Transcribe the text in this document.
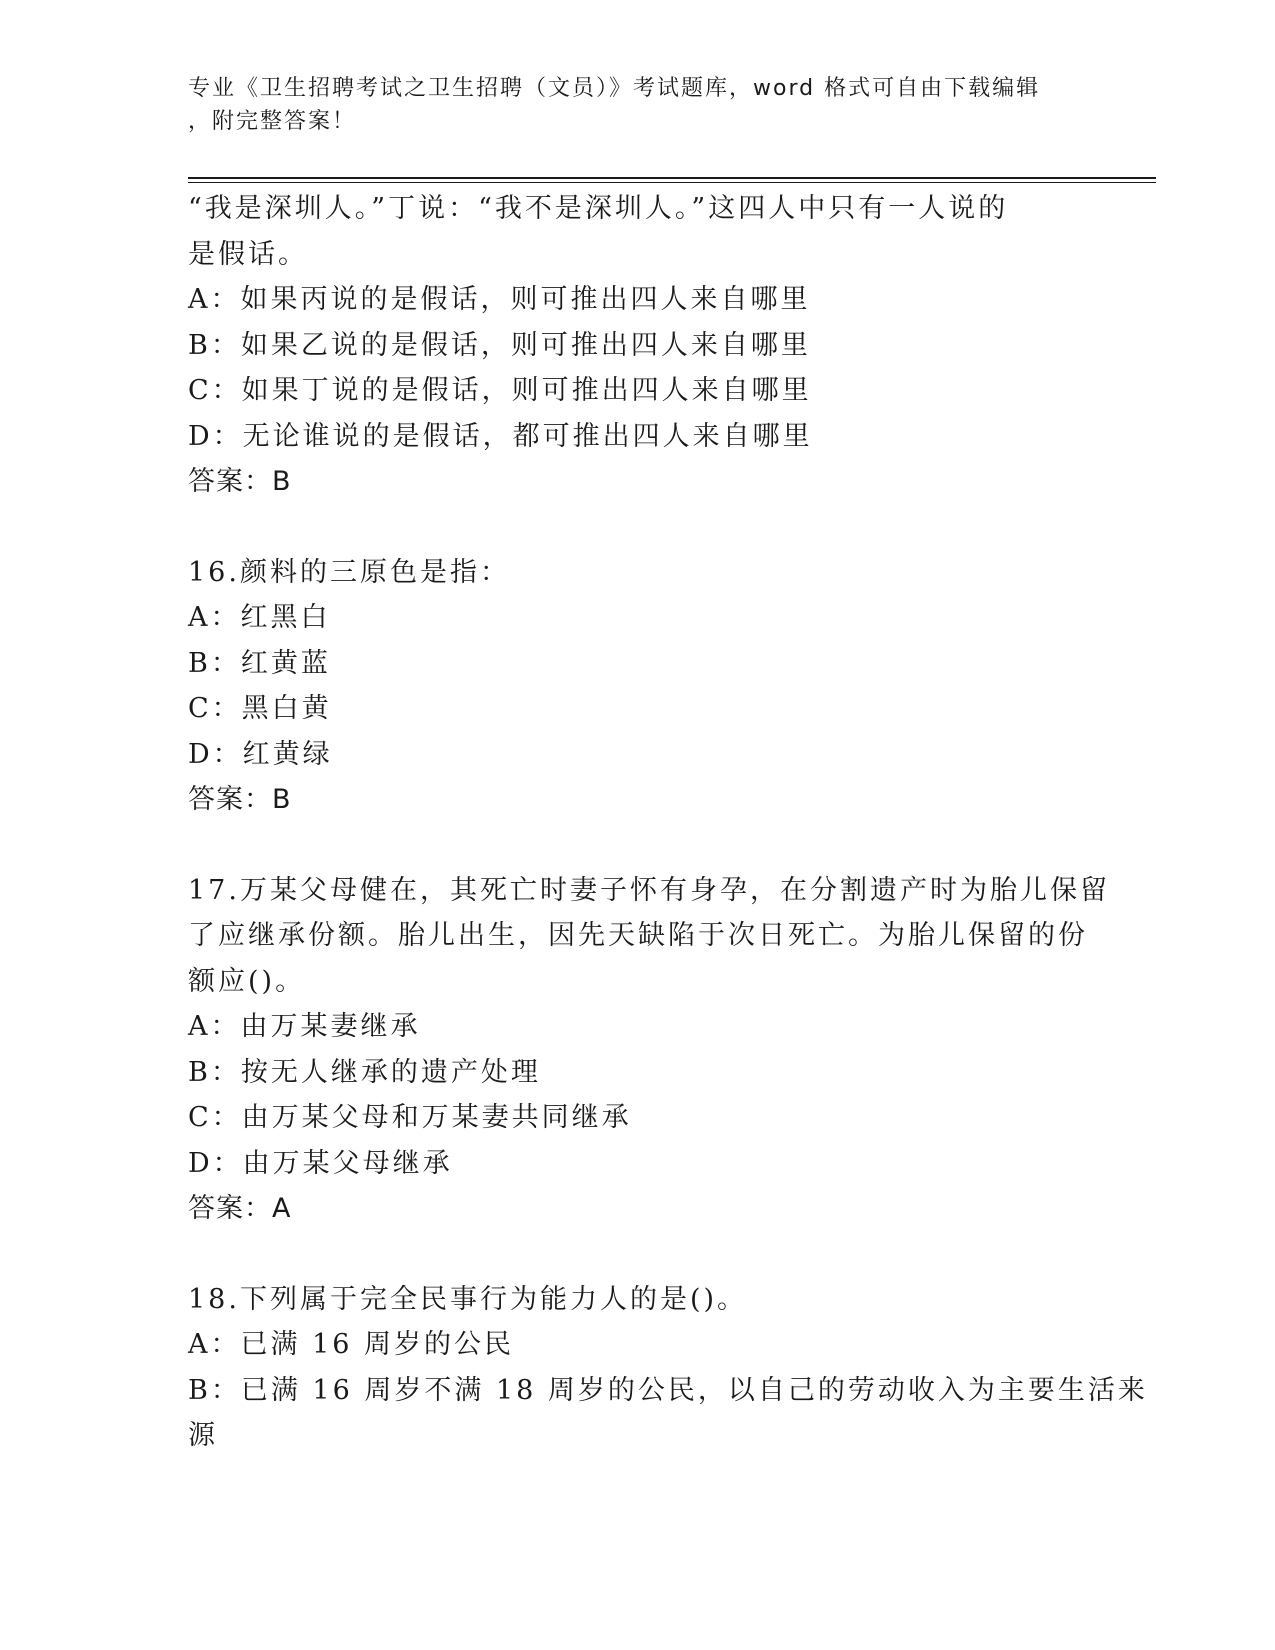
专业《卫生招聘考试之卫生招聘（文员）》考试题库，word 格式可自由下载编辑
，附完整答案！
“我是深圳人。”丁说：“我不是深圳人。”这四人中只有一人说的
是假话。
A：如果丙说的是假话，则可推出四人来自哪里
B：如果乙说的是假话，则可推出四人来自哪里
C：如果丁说的是假话，则可推出四人来自哪里
D：无论谁说的是假话，都可推出四人来自哪里
答案：B
16.颜料的三原色是指：
A：红黑白
B：红黄蓝
C：黑白黄
D：红黄绿
答案：B
17.万某父母健在，其死亡时妻子怀有身孕，在分割遗产时为胎儿保留
了应继承份额。胎儿出生，因先天缺陷于次日死亡。为胎儿保留的份
额应()。
A：由万某妻继承
B：按无人继承的遗产处理
C：由万某父母和万某妻共同继承
D：由万某父母继承
答案：A
18.下列属于完全民事行为能力人的是()。
A：已满 16 周岁的公民
B：已满 16 周岁不满 18 周岁的公民，以自己的劳动收入为主要生活来
源
